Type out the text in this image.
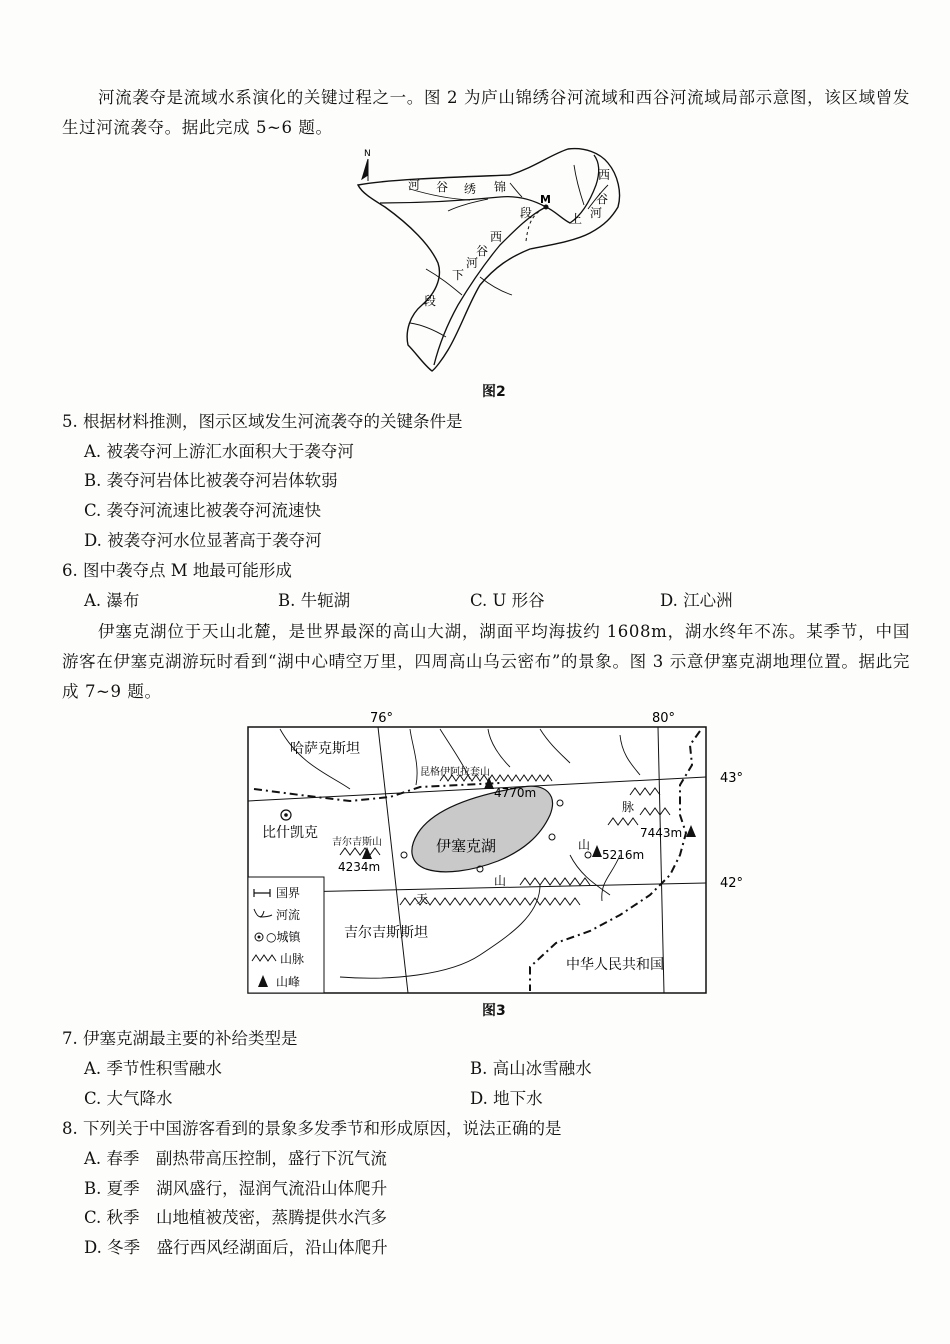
河流袭夺是流域水系演化的关键过程之一。图 2 为庐山锦绣谷河流域和西谷河流域局部示意图，该区域曾发生过河流袭夺。据此完成 5~6 题。
N
M
河 谷 绣 锦
西
谷
上 河
段
西
谷
河
下
段
图2
5. 根据材料推测，图示区域发生河流袭夺的关键条件是
A. 被袭夺河上游汇水面积大于袭夺河
B. 袭夺河岩体比被袭夺河岩体软弱
C. 袭夺河流速比被袭夺河流速快
D. 被袭夺河水位显著高于袭夺河
6. 图中袭夺点 M 地最可能形成
A. 瀑布	B. 牛轭湖	C. U 形谷	D. 江心洲
伊塞克湖位于天山北麓，是世界最深的高山大湖，湖面平均海拔约 1608m，湖水终年不冻。某季节，中国游客在伊塞克湖游玩时看到“湖中心晴空万里，四周高山乌云密布”的景象。图 3 示意伊塞克湖地理位置。据此完成 7~9 题。
76°	80°
43°
42°
伊塞克湖
4770m
4234m
5216m
7443m
哈萨克斯坦
比什凯克
昆格伊阿拉套山
吉尔吉斯山
吉尔吉斯斯坦
中华人民共和国
天
山
山
脉
国界
河流
○城镇
山脉
山峰
图3
7. 伊塞克湖最主要的补给类型是
A. 季节性积雪融水	B. 高山冰雪融水
C. 大气降水	D. 地下水
8. 下列关于中国游客看到的景象多发季节和形成原因，说法正确的是
A. 春季　副热带高压控制，盛行下沉气流
B. 夏季　湖风盛行，湿润气流沿山体爬升
C. 秋季　山地植被茂密，蒸腾提供水汽多
D. 冬季　盛行西风经湖面后，沿山体爬升
